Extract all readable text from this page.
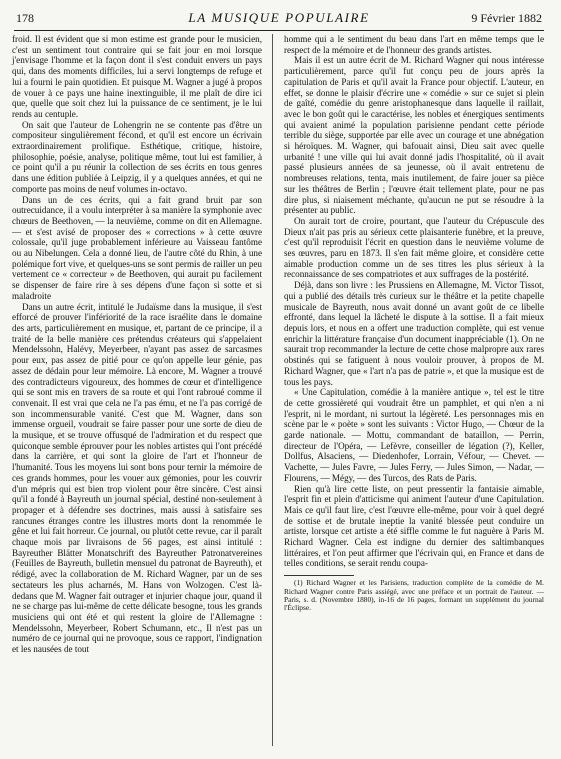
178	LA MUSIQUE POPULAIRE	9 Février 1882

froid. Il est évident que si mon estime est grande pour le musicien, c'est un sentiment tout contraire qui se fait jour en moi lorsque j'envisage l'homme et la façon dont il s'est conduit envers un pays qui, dans des moments difficiles, lui a servi longtemps de refuge et lui a fourni le pain quotidien. Et puisque M. Wagner a jugé à propos de vouer à ce pays une haine inextinguible, il me plaît de dire ici que, quelle que soit chez lui la puissance de ce sentiment, je le lui rends au centuple.

On sait que l'auteur de Lohengrin ne se contente pas d'être un compositeur singulièrement fécond, et qu'il est encore un écrivain extraordinairement prolifique. Esthétique, critique, histoire, philosophie, poésie, analyse, politique même, tout lui est familier, à ce point qu'il a pu réunir la collection de ses écrits en tous genres dans une édition publiée à Leipzig, il y a quelques années, et qui ne comporte pas moins de neuf volumes in-octavo.

Dans un de ces écrits, qui a fait grand bruit par son outrecuidance, il a voulu interpréter à sa manière la symphonie avec chœurs de Beethoven, — la neuvième, comme on dit en Allemagne. — et s'est avisé de proposer des « corrections » à cette œuvre colossale, qu'il juge probablement inférieure au Vaisseau fantôme ou au Nibelungen. Cela a donné lieu, de l'autre côté du Rhin, à une polémique fort vive, et quelques-uns se sont permis de railler un peu vertement ce « correcteur » de Beethoven, qui aurait pu facilement se dispenser de faire rire à ses dépens d'une façon si sotte et si maladroite

Dans un autre écrit, intitulé le Judaïsme dans la musique, il s'est efforcé de prouver l'infériorité de la race israélite dans le domaine des arts, particulièrement en musique, et, partant de ce principe, il a traité de la belle manière ces prétendus créateurs qui s'appelaient Mendelssohn, Halévy, Meyerbeer, n'ayant pas assez de sarcasmes pour eux, pas assez de pitié pour ce qu'on appelle leur génie, pas assez de dédain pour leur mémoire. Là encore, M. Wagner a trouvé des contradicteurs vigoureux, des hommes de cœur et d'intelligence qui se sont mis en travers de sa route et qui l'ont rabroué comme il convenait. Il est vrai que cela ne l'a pas ému, et ne l'a pas corrigé de son incommensurable vanité. C'est que M. Wagner, dans son immense orgueil, voudrait se faire passer pour une sorte de dieu de la musique, et se trouve offusqué de l'admiration et du respect que quiconque semble éprouver pour les nobles artistes qui l'ont précédé dans la carrière, et qui sont la gloire de l'art et l'honneur de l'humanité. Tous les moyens lui sont bons pour ternir la mémoire de ces grands hommes, pour les vouer aux gémonies, pour les couvrir d'un mépris qui est bien trop violent pour être sincère. C'est ainsi qu'il a fondé à Bayreuth un journal spécial, destiné non-seulement à propager et à défendre ses doctrines, mais aussi à satisfaire ses rancunes étranges contre les illustres morts dont la renommée le gêne et lui fait horreur. Ce journal, ou plutôt cette revue, car il paraît chaque mois par livraisons de 56 pages, est ainsi intitulé : Bayreuther Blätter Monatschrift des Bayreuther Patronatvereines (Feuilles de Bayreuth, bulletin mensuel du patronat de Bayreuth), et rédigé, avec la collaboration de M. Richard Wagner, par un de ses sectateurs les plus acharnés, M. Hans von Wolzogen. C'est là-dedans que M. Wagner fait outrager et injurier chaque jour, quand il ne se charge pas lui-même de cette délicate besogne, tous les grands musiciens qui ont été et qui restent la gloire de l'Allemagne : Mendelssohn, Meyerbeer, Robert Schumann, etc., Il n'est pas un numéro de ce journal qui ne provoque, sous ce rapport, l'indignation et les nausées de tout

homme qui a le sentiment du beau dans l'art en même temps que le respect de la mémoire et de l'honneur des grands artistes.

Mais il est un autre écrit de M. Richard Wagner qui nous intéresse particulièrement, parce qu'il fut conçu peu de jours après la capitulation de Paris et qu'il avait la France pour objectif. L'auteur, en effet, se donne le plaisir d'écrire une « comédie » sur ce sujet si plein de gaîté, comédie du genre aristophanesque dans laquelle il raillait, avec le bon goût qui le caractérise, les nobles et énergiques sentiments qui avaient animé la population parisienne pendant cette période terrible du siège, supportée par elle avec un courage et une abnégation si héroïques. M. Wagner, qui bafouait ainsi, Dieu sait avec quelle urbanité ! une ville qui lui avait donné jadis l'hospitalité, où il avait passé plusieurs années de sa jeunesse, où il avait entretenu de nombreuses relations, tenta, mais inutilement, de faire jouer sa pièce sur les théâtres de Berlin ; l'œuvre était tellement plate, pour ne pas dire plus, si niaisement méchante, qu'aucun ne put se résoudre à la présenter au public.

On aurait tort de croire, pourtant, que l'auteur du Crépuscule des Dieux n'ait pas pris au sérieux cette plaisanterie funèbre, et la preuve, c'est qu'il reproduisit l'écrit en question dans le neuvième volume de ses œuvres, paru en 1873. Il s'en fait même gloire, et considère cette aimable production comme un de ses titres les plus sérieux à la reconnaissance de ses compatriotes et aux suffrages de la postérité.

Déjà, dans son livre : les Prussiens en Allemagne, M. Victor Tissot, qui a publié des détails très curieux sur le théâtre et la petite chapelle musicale de Bayreuth, nous avait donné un avant goût de ce libelle effronté, dans lequel la lâcheté le dispute à la sottise. Il a fait mieux depuis lors, et nous en a offert une traduction complète, qui est venue enrichir la littérature française d'un document inappréciable (1). On ne saurait trop recommander la lecture de cette chose malpropre aux rares obstinés qui se fatiguent à nous vouloir prouver, à propos de M. Richard Wagner, que « l'art n'a pas de patrie », et que la musique est de tous les pays.

« Une Capitulation, comédie à la manière antique », tel est le titre de cette grossièreté qui voudrait être un pamphlet, et qui n'en a ni l'esprit, ni le mordant, ni surtout la légèreté. Les personnages mis en scène par le « poète » sont les suivants : Victor Hugo, — Chœur de la garde nationale. — Mottu, commandant de bataillon, — Perrin, directeur de l'Opéra, — Lefèvre, conseiller de légation (?), Keller, Dollfus, Alsaciens, — Diedenhofer, Lorrain, Véfour, — Chevet. — Vachette, — Jules Favre, — Jules Ferry, — Jules Simon, — Nadar, — Flourens, — Mégy, — des Turcos, des Rats de Paris.

Rien qu'à lire cette liste, on peut pressentir la fantaisie aimable, l'esprit fin et plein d'atticisme qui animent l'auteur d'une Capitulation. Mais ce qu'il faut lire, c'est l'œuvre elle-même, pour voir à quel degré de sottise et de brutale ineptie la vanité blessée peut conduire un artiste, lorsque cet artiste a été siffle comme le fut naguère à Paris M. Richard Wagner. Cela est indigne du dernier des saltimbanques littéraires, et l'on peut affirmer que l'écrivain qui, en France et dans de telles conditions, se serait rendu coupa-

(1) Richard Wagner et les Parisiens, traduction complète de la comédie de M. Richard Wagner contre Paris assiégé, avec une préface et un portrait de l'auteur. — Paris, s. d. (Novembre 1880), in-16 de 16 pages, formant un supplément du journal l'Éclipse.
